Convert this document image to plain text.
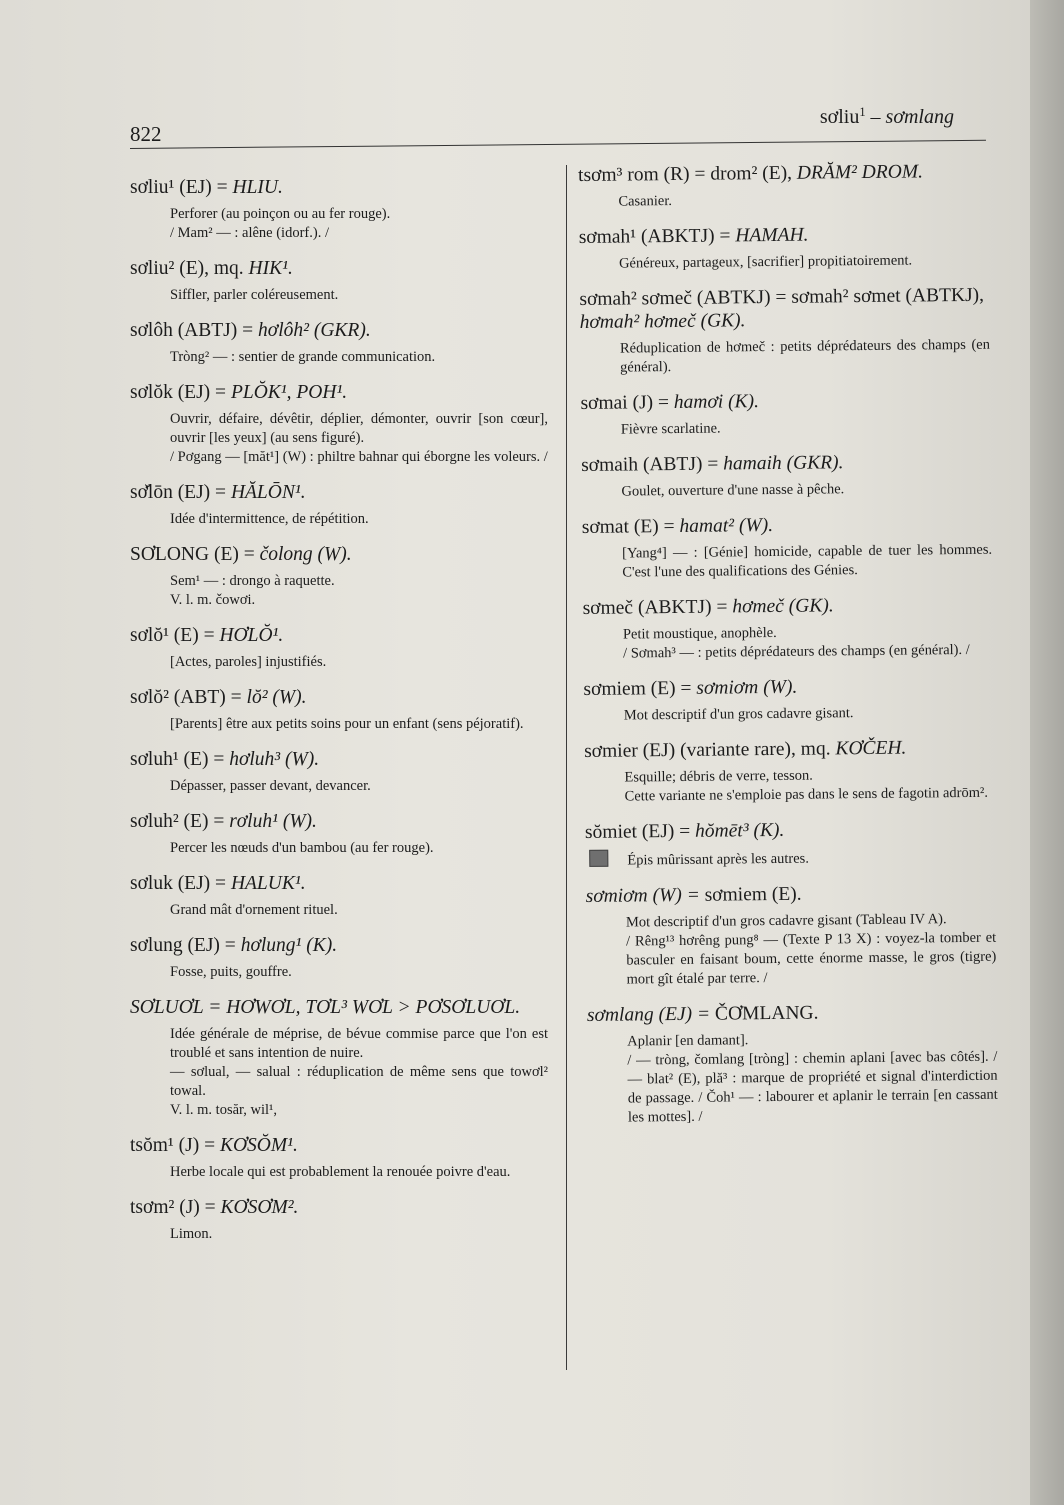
822
sơliu$^1$ – sơmlang
sơliu¹ (EJ) = HLIU.
Perforer (au poinçon ou au fer rouge).
/ Mam² — : alêne (idorf.). /
sơliu² (E), mq. HIK¹.
Siffler, parler coléreusement.
sơlôh (ABTJ) = hơlôh² (GKR).
Tròng² — : sentier de grande communication.
sơlŏk (EJ) = PLŎK¹, POH¹.
Ouvrir, défaire, dévêtir, déplier, démonter, ouvrir [son cœur], ouvrir [les yeux] (au sens figuré).
/ Pơgang — [măt¹] (W) : philtre bahnar qui éborgne les voleurs. /
sơ̆lōn (EJ) = HĂLŌN¹.
Idée d'intermittence, de répétition.
SƠLONG (E) = čolong (W).
Sem¹ — : drongo à raquette.
V. l. m. čowơi.
sơlŏ¹ (E) = HƠLŎ¹.
[Actes, paroles] injustifiés.
sơlŏ² (ABT) = lŏ² (W).
[Parents] être aux petits soins pour un enfant (sens péjoratif).
sơluh¹ (E) = hơluh³ (W).
Dépasser, passer devant, devancer.
sơluh² (E) = rơluh¹ (W).
Percer les nœuds d'un bambou (au fer rouge).
sơluk (EJ) = HALUK¹.
Grand mât d'ornement rituel.
sơlung (EJ) = hơlung¹ (K).
Fosse, puits, gouffre.
SƠLUƠL = HƠWƠL, TƠL³ WƠL > PƠSƠLUƠL.
Idée générale de méprise, de bévue commise parce que l'on est troublé et sans intention de nuire.
— sơlual, — salual : réduplication de même sens que towơl² towal.
V. l. m. tosăr, wil¹,
tsŏm¹ (J) = KƠSŎM¹.
Herbe locale qui est probablement la renouée poivre d'eau.
tsơm² (J) = KƠSƠM².
Limon.
tsơm³ rom (R) = drom² (E), DRĂM² DROM.
Casanier.
sơmah¹ (ABKTJ) = HAMAH.
Généreux, partageux, [sacrifier] propitiatoirement.
sơmah² sơmeč (ABTKJ) = sơmah² sơmet (ABTKJ), hơmah² hơmeč (GK).
Réduplication de hơmeč : petits déprédateurs des champs (en général).
sơmai (J) = hamơi (K).
Fièvre scarlatine.
sơmaih (ABTJ) = hamaih (GKR).
Goulet, ouverture d'une nasse à pêche.
sơmat (E) = hamat² (W).
[Yang⁴] — : [Génie] homicide, capable de tuer les hommes. C'est l'une des qualifications des Génies.
sơmeč (ABKTJ) = hơmeč (GK).
Petit moustique, anophèle.
/ Sơmah³ — : petits déprédateurs des champs (en général). /
sơmiem (E) = sơmiơm (W).
Mot descriptif d'un gros cadavre gisant.
sơmier (EJ) (variante rare), mq. KƠČEH.
Esquille; débris de verre, tesson.
Cette variante ne s'emploie pas dans le sens de fagotin adrōm².
sŏmiet (EJ) = hŏmēt³ (K).
Épis mûrissant après les autres.
sơmiơm (W) = sơmiem (E).
Mot descriptif d'un gros cadavre gisant (Tableau IV A).
/ Rêng¹³ hơrêng pung⁸ — (Texte P 13 X) : voyez-la tomber et basculer en faisant boum, cette énorme masse, le gros (tigre) mort gît étalé par terre. /
sơmlang (EJ) = ČƠMLANG.
Aplanir [en damant].
/ — tròng, čomlang [tròng] : chemin aplani [avec bas côtés]. / — blat² (E), plă³ : marque de propriété et signal d'interdiction de passage. / Čoh¹ — : labourer et aplanir le terrain [en cassant les mottes]. /
